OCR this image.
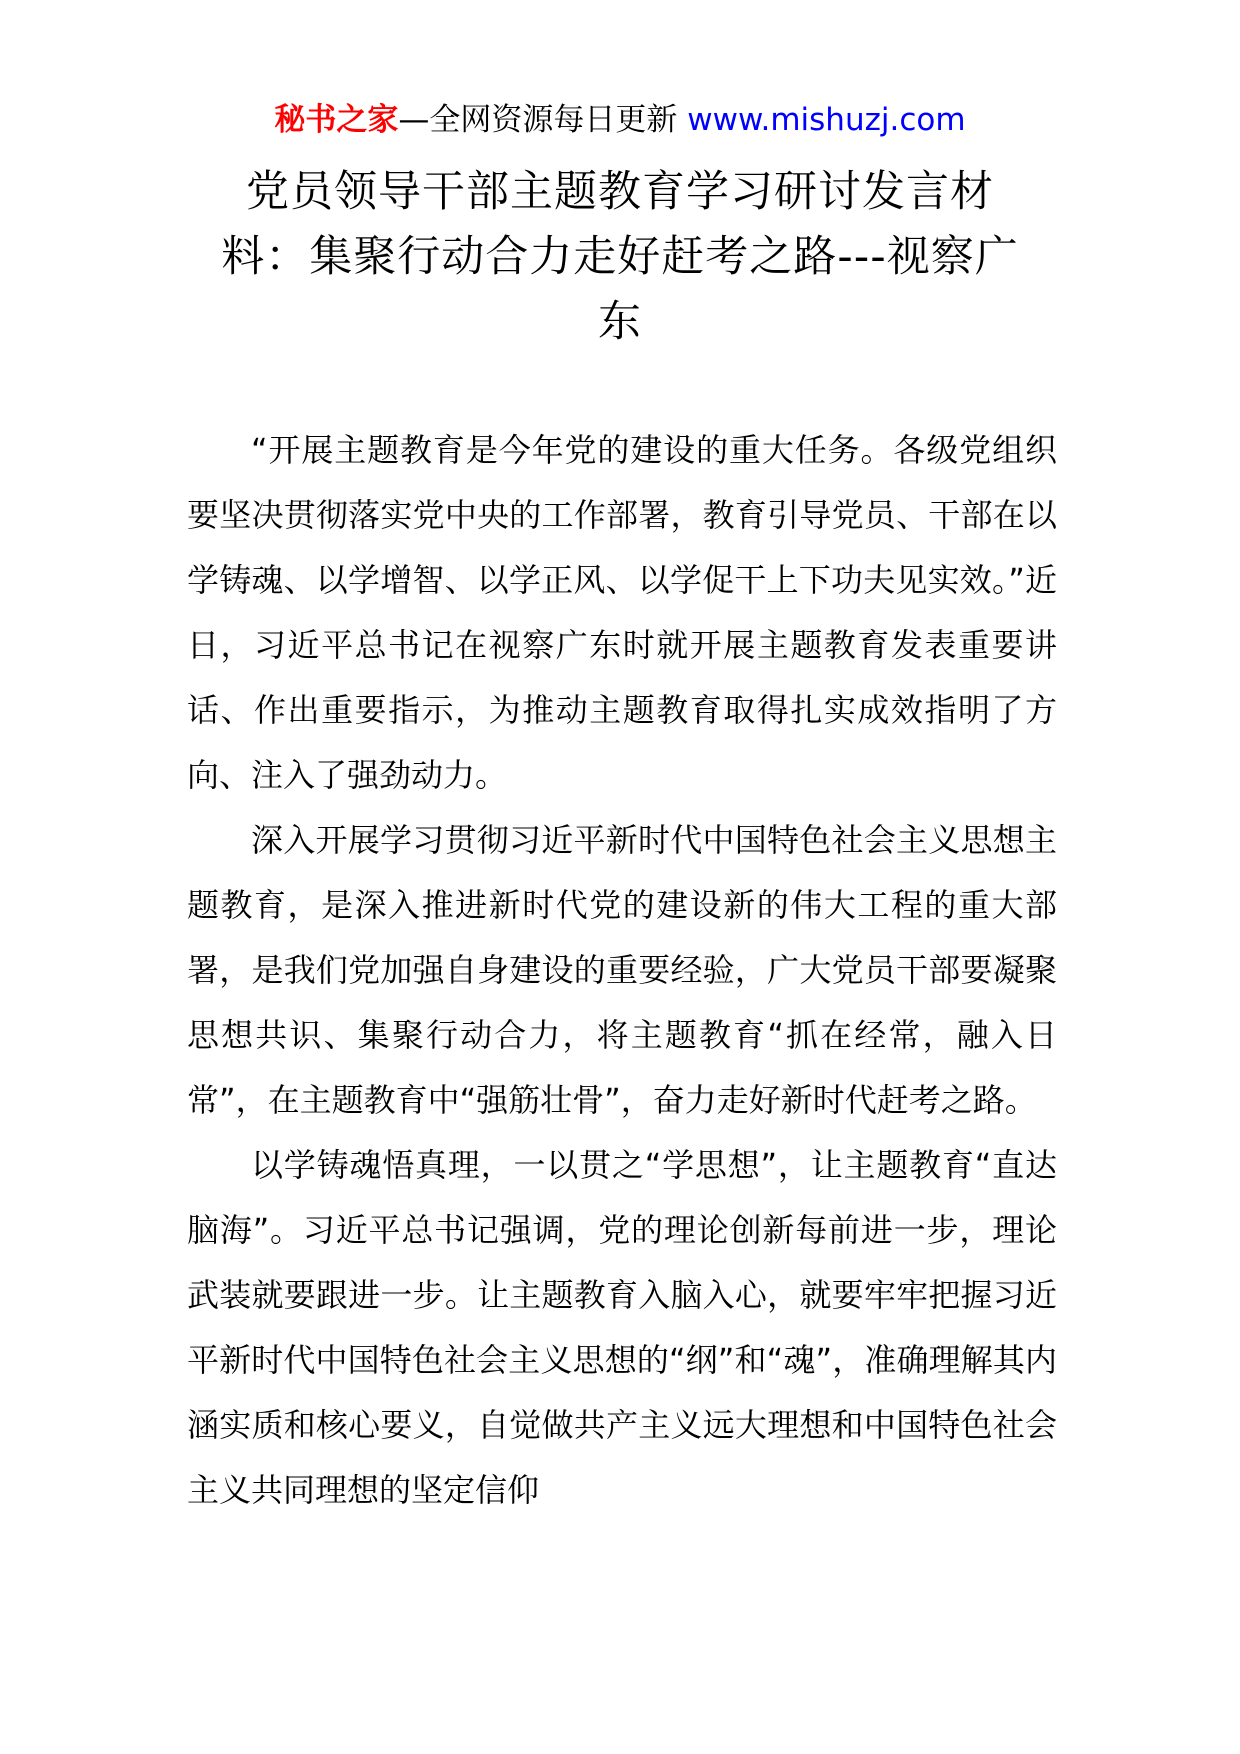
秘书之家—全网资源每日更新 www.mishuzj.com
党员领导干部主题教育学习研讨发言材
料：集聚行动合力走好赶考之路---视察广
东

“开展主题教育是今年党的建设的重大任务。各级党组织要坚决贯彻落实党中央的工作部署，教育引导党员、干部在以学铸魂、以学增智、以学正风、以学促干上下功夫见实效。”近日，习近平总书记在视察广东时就开展主题教育发表重要讲话、作出重要指示，为推动主题教育取得扎实成效指明了方向、注入了强劲动力。

深入开展学习贯彻习近平新时代中国特色社会主义思想主题教育，是深入推进新时代党的建设新的伟大工程的重大部署，是我们党加强自身建设的重要经验，广大党员干部要凝聚思想共识、集聚行动合力，将主题教育“抓在经常，融入日常”，在主题教育中“强筋壮骨”，奋力走好新时代赶考之路。

以学铸魂悟真理，一以贯之“学思想”，让主题教育“直达脑海”。习近平总书记强调，党的理论创新每前进一步，理论武装就要跟进一步。让主题教育入脑入心，就要牢牢把握习近平新时代中国特色社会主义思想的“纲”和“魂”，准确理解其内涵实质和核心要义，自觉做共产主义远大理想和中国特色社会主义共同理想的坚定信仰
